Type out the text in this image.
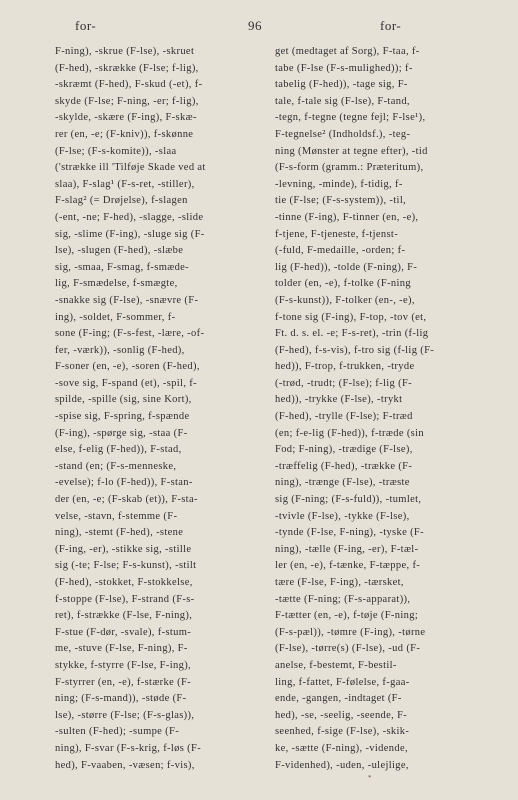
for-	96	for-

F-ning), -skrue (F-lse), -skruet

(F-hed), -skrække (F-lse; f-lig),

-skræmt (F-hed), F-skud (-et), f-

skyde (F-lse; F-ning, -er; f-lig),

-skylde, -skære (F-ing), F-skæ-

rer (en, -e; (F-kniv)), f-skønne

(F-lse; (F-s-komite)), -slaa

('strække ill 'Tilføje Skade ved at

slaa), F-slag¹ (F-s-ret, -stiller),

F-slag² (= Drøjelse), f-slagen

(-ent, -ne; F-hed), -slagge, -slide

sig, -slime (F-ing), -sluge sig (F-

lse), -slugen (F-hed), -slæbe

sig, -smaa, F-smag, f-smæde-

lig, F-smædelse, f-smægte,

-snakke sig (F-lse), -snævre (F-

ing), -soldet, F-sommer, f-

sone (F-ing; (F-s-fest, -lære, -of-

fer, -værk)), -sonlig (F-hed),

F-soner (en, -e), -soren (F-hed),

-sove sig, F-spand (et), -spil, f-

spilde, -spille (sig, sine Kort),

-spise sig, F-spring, f-spænde

(F-ing), -spørge sig, -staa (F-

else, f-elig (F-hed)), F-stad,

-stand (en; (F-s-menneske,

-evelse); f-lo (F-hed)), F-stan-

der (en, -e; (F-skab (et)), F-sta-

velse, -stavn, f-stemme (F-

ning), -stemt (F-hed), -stene

(F-ing, -er), -stikke sig, -stille

sig (-te; F-lse; F-s-kunst), -stilt

(F-hed), -stokket, F-stokkelse,

f-stoppe (F-lse), F-strand (F-s-

ret), f-strække (F-lse, F-ning),

F-stue (F-dør, -svale), f-stum-

me, -stuve (F-lse, F-ning), F-

stykke, f-styrre (F-lse, F-ing),

F-styrrer (en, -e), f-stærke (F-

ning; (F-s-mand)), -støde (F-

lse), -større (F-lse; (F-s-glas)),

-sulten (F-hed); -sumpe (F-

ning), F-svar (F-s-krig, f-løs (F-

hed), F-vaaben, -væsen; f-vis),

get (medtaget af Sorg), F-taa, f-

tabe (F-lse (F-s-mulighed)); f-

tabelig (F-hed)), -tage sig, F-

tale, f-tale sig (F-lse), F-tand,

-tegn, f-tegne (tegne fejl; F-lse¹),

F-tegnelse² (Indholdsf.), -teg-

ning (Mønster at tegne efter), -tid

(F-s-form (gramm.: Præteritum),

-levning, -minde), f-tidig, f-

tie (F-lse; (F-s-system)), -til,

-tinne (F-ing), F-tinner (en, -e),

f-tjene, F-tjeneste, f-tjenst-

(-fuld, F-medaille, -orden; f-

lig (F-hed)), -tolde (F-ning), F-

tolder (en, -e), f-tolke (F-ning

(F-s-kunst)), F-tolker (en-, -e),

f-tone sig (F-ing), F-top, -tov (et,

Ft. d. s. el. -e; F-s-ret), -trin (f-lig

(F-hed), f-s-vis), f-tro sig (f-lig (F-

hed)), F-trop, f-trukken, -tryde

(-trød, -trudt; (F-lse); f-lig (F-

hed)), -trykke (F-lse), -trykt

(F-hed), -trylle (F-lse); F-træd

(en; f-e-lig (F-hed)), f-træde (sin

Fod; F-ning), -trædige (F-lse),

-træffelig (F-hed), -trække (F-

ning), -trænge (F-lse), -træste

sig (F-ning; (F-s-fuld)), -tumlet,

-tvivle (F-lse), -tykke (F-lse),

-tynde (F-lse, F-ning), -tyske (F-

ning), -tælle (F-ing, -er), F-tæl-

ler (en, -e), f-tænke, F-tæppe, f-

tære (F-lse, F-ing), -tærsket,

-tætte (F-ning; (F-s-apparat)),

F-tætter (en, -e), f-tøje (F-ning;

(F-s-pæl)), -tømre (F-ing), -tørne

(F-lse), -tørre(s) (F-lse), -ud (F-

anelse, f-bestemt, F-bestil-

ling, f-fattet, F-følelse, f-gaa-

ende, -gangen, -indtaget (F-

hed), -se, -seelig, -seende, F-

seenhed, f-sige (F-lse), -skik-

ke, -sætte (F-ning), -vidende,

F-videnhed), -uden, -ulejlige,

*
